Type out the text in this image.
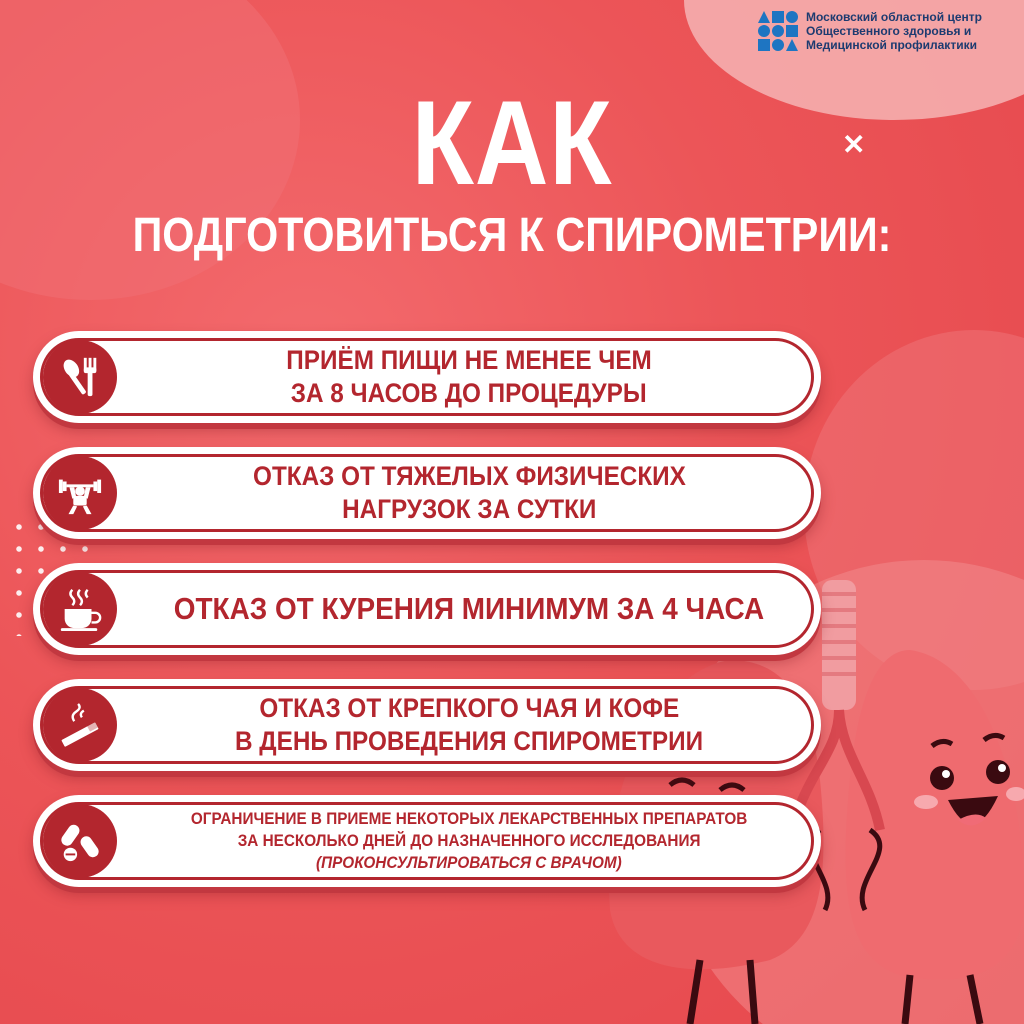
Московский областной центр
Общественного здоровья и
Медицинской профилактики
✕
КАК
ПОДГОТОВИТЬСЯ К СПИРОМЕТРИИ:
ПРИЁМ ПИЩИ НЕ МЕНЕЕ ЧЕМ
ЗА 8 ЧАСОВ ДО ПРОЦЕДУРЫ
ОТКАЗ ОТ ТЯЖЕЛЫХ ФИЗИЧЕСКИХ
НАГРУЗОК ЗА СУТКИ
ОТКАЗ ОТ КУРЕНИЯ МИНИМУМ ЗА 4 ЧАСА
ОТКАЗ ОТ КРЕПКОГО ЧАЯ И КОФЕ
В ДЕНЬ ПРОВЕДЕНИЯ СПИРОМЕТРИИ
ОГРАНИЧЕНИЕ В ПРИЕМЕ НЕКОТОРЫХ ЛЕКАРСТВЕННЫХ ПРЕПАРАТОВ
ЗА НЕСКОЛЬКО ДНЕЙ ДО НАЗНАЧЕННОГО ИССЛЕДОВАНИЯ
(ПРОКОНСУЛЬТИРОВАТЬСЯ С ВРАЧОМ)
